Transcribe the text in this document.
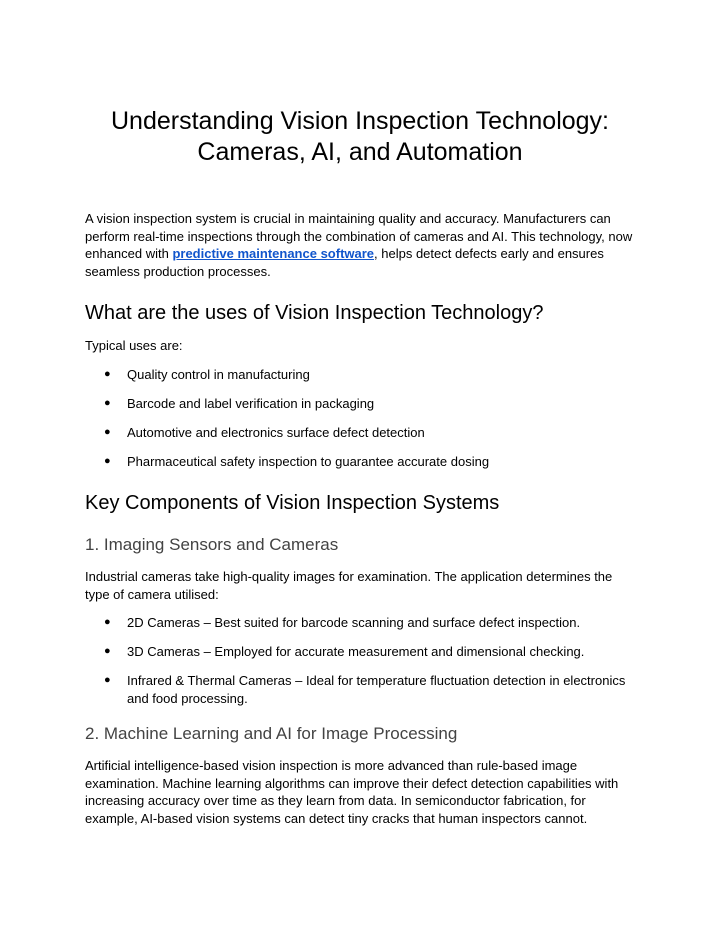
Understanding Vision Inspection Technology:
Cameras, AI, and Automation

A vision inspection system is crucial in maintaining quality and accuracy. Manufacturers can perform real-time inspections through the combination of cameras and AI. This technology, now enhanced with predictive maintenance software, helps detect defects early and ensures seamless production processes.

What are the uses of Vision Inspection Technology?

Typical uses are:

● Quality control in manufacturing
● Barcode and label verification in packaging
● Automotive and electronics surface defect detection
● Pharmaceutical safety inspection to guarantee accurate dosing
Key Components of Vision Inspection Systems
1. Imaging Sensors and Cameras

Industrial cameras take high-quality images for examination. The application determines the type of camera utilised:

● 2D Cameras – Best suited for barcode scanning and surface defect inspection.
● 3D Cameras – Employed for accurate measurement and dimensional checking.
● Infrared & Thermal Cameras – Ideal for temperature fluctuation detection in electronics and food processing.
2. Machine Learning and AI for Image Processing

Artificial intelligence-based vision inspection is more advanced than rule-based image examination. Machine learning algorithms can improve their defect detection capabilities with increasing accuracy over time as they learn from data. In semiconductor fabrication, for example, AI-based vision systems can detect tiny cracks that human inspectors cannot.
